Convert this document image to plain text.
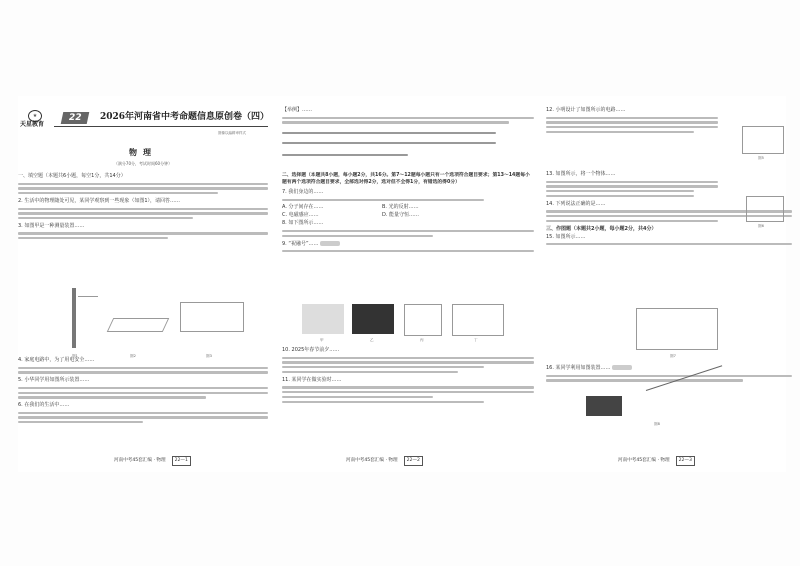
★
天星教育
22	2026年河南省中考命题信息原创卷（四）
图像以编辑审样式
物理
（满分70分，考试时间60分钟）
一、填空题（本题共6小题，每空1分，共14分）
2. 生活中的物理随处可见，某同学观察到一些现象（如图1），请回答……
3. 如图甲是一种测量装置……
图1	图2	图3
4. 家庭电路中，为了用电安全……
5. 小华同学用如图所示装置……
6. 在我们的生活中……
河南中考45套汇编 · 物理 22—1
【举例】……
二、选择题（本题共8小题，每小题2分，共16分。第7～12题每小题只有一个选项符合题目要求；第13～14题每小题有两个选项符合题目要求，全部选对得2分，选对但不全得1分，有错选的得0分）
7. 我们身边的……
A. 分子间存在……	B. 光的反射……
C. 电磁感应……	D. 能量守恒……
8. 如下图所示……
9. “祝融号”……
甲	乙	丙	丁
10. 2025年春节前夕……
11. 某同学在做实验时……
河南中考45套汇编 · 物理 22—2
12. 小明设计了如图所示的电路……
图5
13. 如图所示，将一个物体……
14. 下列说法正确的是……
三、作图题（本题共2小题，每小题2分，共4分）
15. 如图所示……
图6
图7
16. 某同学利用如图装置……
图8
河南中考45套汇编 · 物理 22—3
